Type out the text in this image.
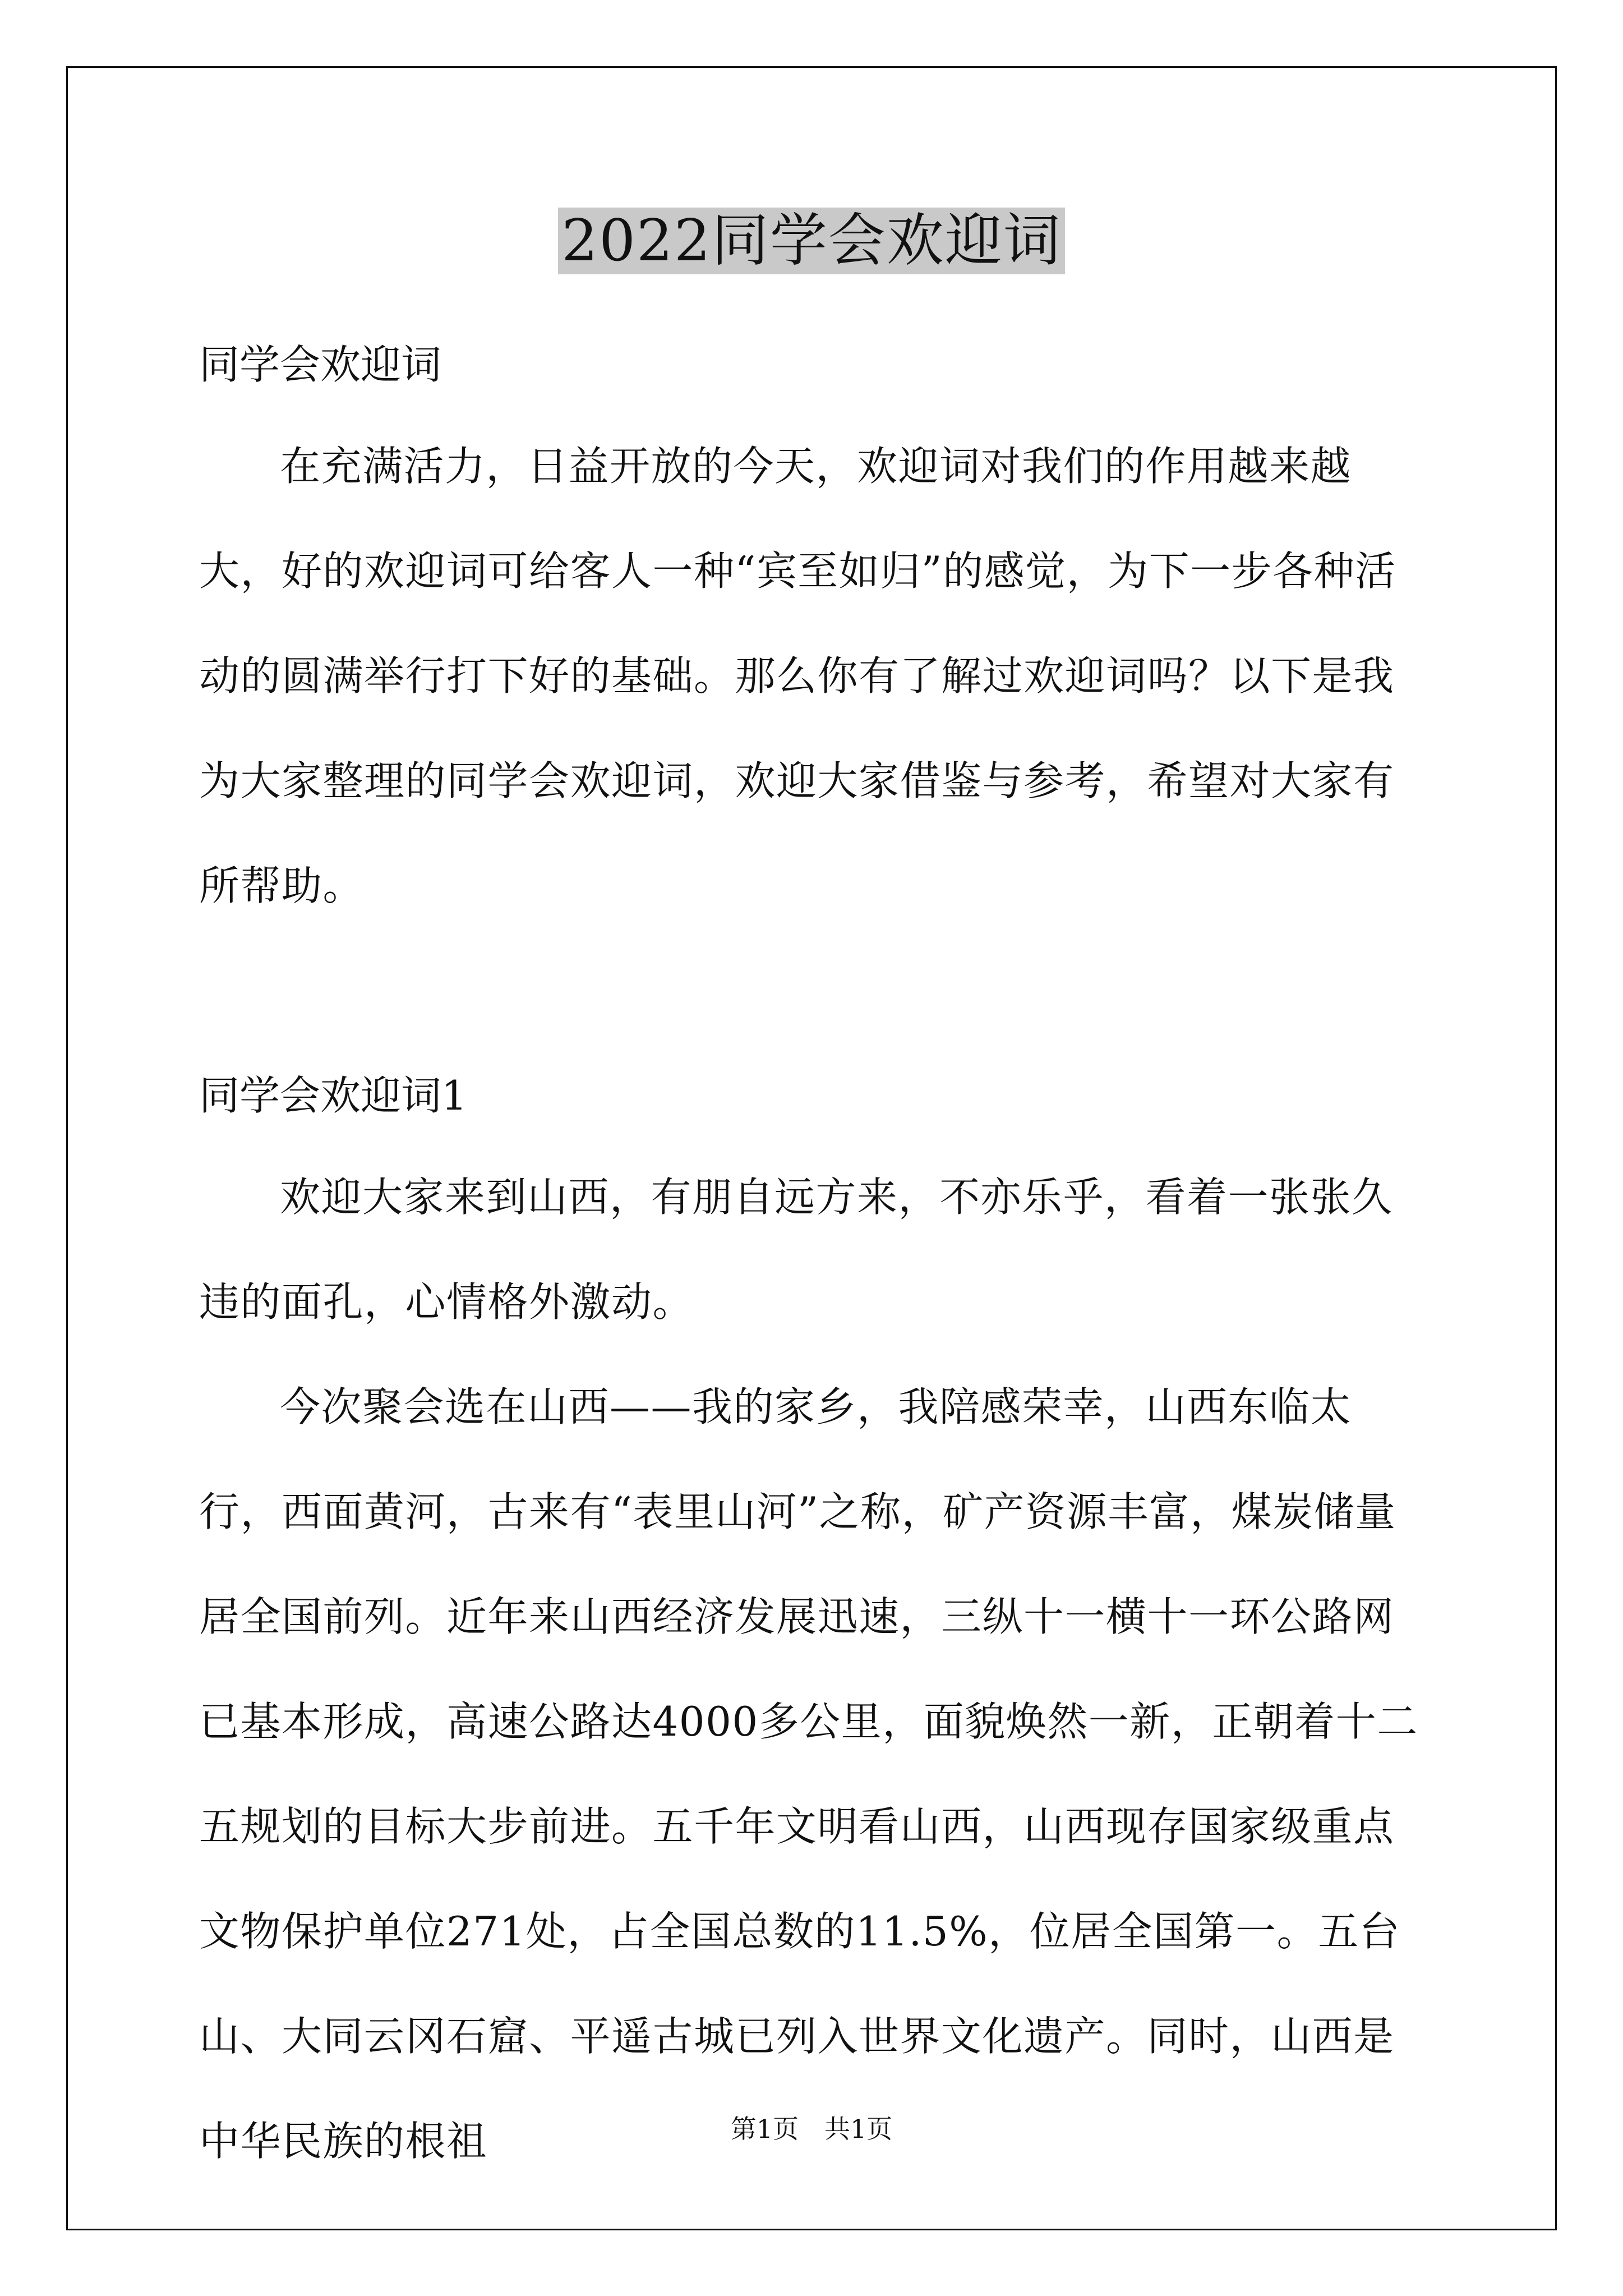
2022同学会欢迎词

同学会欢迎词

在充满活力，日益开放的今天，欢迎词对我们的作用越来越大，好的欢迎词可给客人一种“宾至如归”的感觉，为下一步各种活动的圆满举行打下好的基础。那么你有了解过欢迎词吗？以下是我为大家整理的同学会欢迎词，欢迎大家借鉴与参考，希望对大家有所帮助。

同学会欢迎词1

欢迎大家来到山西，有朋自远方来，不亦乐乎，看着一张张久违的面孔，心情格外激动。

今次聚会选在山西——我的家乡，我陪感荣幸，山西东临太行，西面黄河，古来有“表里山河”之称，矿产资源丰富，煤炭储量居全国前列。近年来山西经济发展迅速，三纵十一横十一环公路网已基本形成，高速公路达4000多公里，面貌焕然一新，正朝着十二五规划的目标大步前进。五千年文明看山西，山西现存国家级重点文物保护单位271处，占全国总数的11.5%，位居全国第一。五台山、大同云冈石窟、平遥古城已列入世界文化遗产。同时，山西是中华民族的根祖	第1页　共1页
